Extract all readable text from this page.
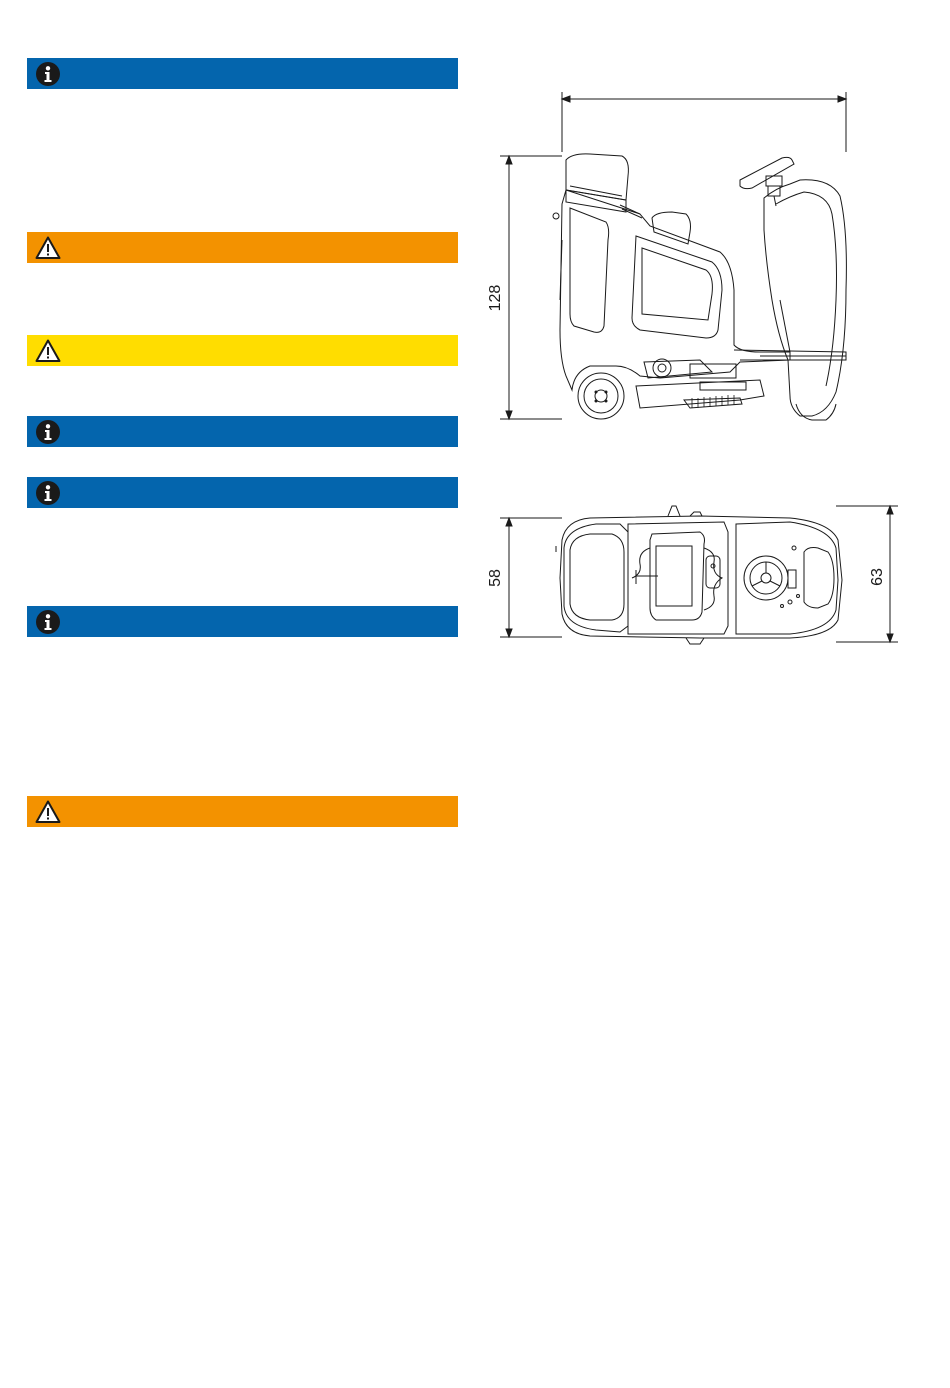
128
58	63
